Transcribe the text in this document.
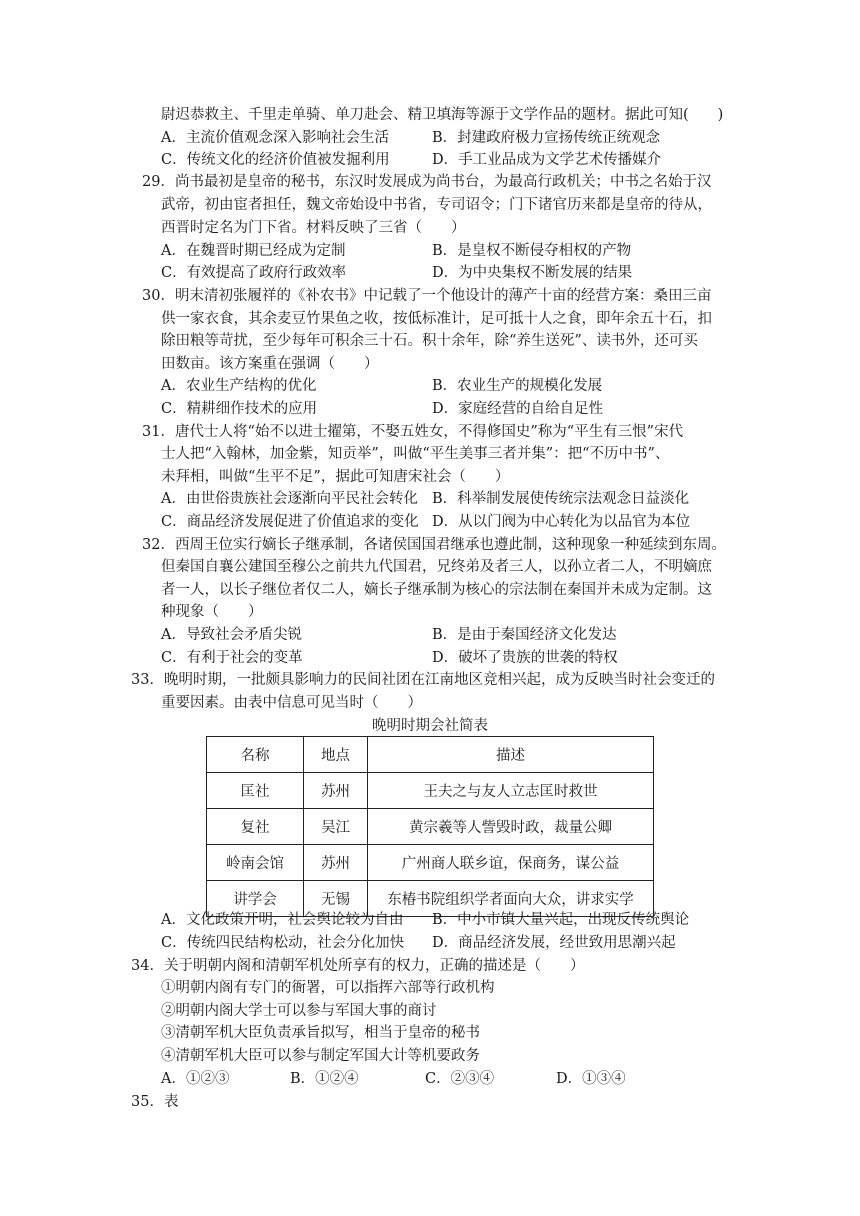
尉迟恭救主、千里走单骑、单刀赴会、精卫填海等源于文学作品的题材。据此可知(　　)
A．主流价值观念深入影响社会生活	B．封建政府极力宣扬传统正统观念
C．传统文化的经济价值被发掘利用	D．手工业品成为文学艺术传播媒介
29．尚书最初是皇帝的秘书，东汉时发展成为尚书台，为最高行政机关；中书之名始于汉
武帝，初由宦者担任，魏文帝始设中书省，专司诏令；门下诸官历来都是皇帝的待从，
西晋时定名为门下省。材料反映了三省（　　）
A．在魏晋时期已经成为定制	B．是皇权不断侵夺相权的产物
C．有效提高了政府行政效率	D．为中央集权不断发展的结果
30．明末清初张履祥的《补农书》中记载了一个他设计的薄产十亩的经营方案：桑田三亩
供一家衣食，其余麦豆竹果鱼之收，按低标准计，足可抵十人之食，即年余五十石，扣
除田粮等苛扰，至少每年可积余三十石。积十余年，除“养生送死”、读书外，还可买
田数亩。该方案重在强调（　　）
A．农业生产结构的优化	B．农业生产的规模化发展
C．精耕细作技术的应用	D．家庭经营的自给自足性
31．唐代士人将“始不以进士擢第，不娶五姓女，不得修国史”称为“平生有三恨”宋代
士人把“入翰林，加金紫，知贡举”，叫做“平生美事三者并集”：把“不历中书”、
未拜相，叫做“生平不足”，据此可知唐宋社会（　　）
A．由世俗贵族社会逐渐向平民社会转化 B．科举制发展使传统宗法观念日益淡化
C．商品经济发展促进了价值追求的变化 D．从以门阀为中心转化为以品官为本位
32．西周王位实行嫡长子继承制，各诸侯国国君继承也遵此制，这种现象一种延续到东周。
但秦国自襄公建国至穆公之前共九代国君，兄终弟及者三人，以孙立者二人，不明嫡庶
者一人，以长子继位者仅二人，嫡长子继承制为核心的宗法制在秦国并未成为定制。这
种现象（　　）
A．导致社会矛盾尖锐	B．是由于秦国经济文化发达
C．有利于社会的变革	D．破坏了贵族的世袭的特权
33．晚明时期，一批颇具影响力的民间社团在江南地区竞相兴起，成为反映当时社会变迁的
重要因素。由表中信息可见当时（　　）
晚明时期会社简表
名称	地点	描述
匡社	苏州	王夫之与友人立志匡时救世
复社	吴江	黄宗羲等人訾毁时政，裁量公卿
岭南会馆	苏州	广州商人联乡谊，保商务，谋公益
讲学会	无锡	东椿书院组织学者面向大众，讲求实学
A．文化政策开明，社会舆论较为自由 B．中小市镇大量兴起，出现反传统舆论
C．传统四民结构松动，社会分化加快 D．商品经济发展，经世致用思潮兴起
34．关于明朝内阁和清朝军机处所享有的权力，正确的描述是（　　）
①明朝内阁有专门的衙署，可以指挥六部等行政机构
②明朝内阁大学士可以参与军国大事的商讨
③清朝军机大臣负责承旨拟写，相当于皇帝的秘书
④清朝军机大臣可以参与制定军国大计等机要政务
A．①②③	B．①②④	C．②③④	D．①③④
35．表
